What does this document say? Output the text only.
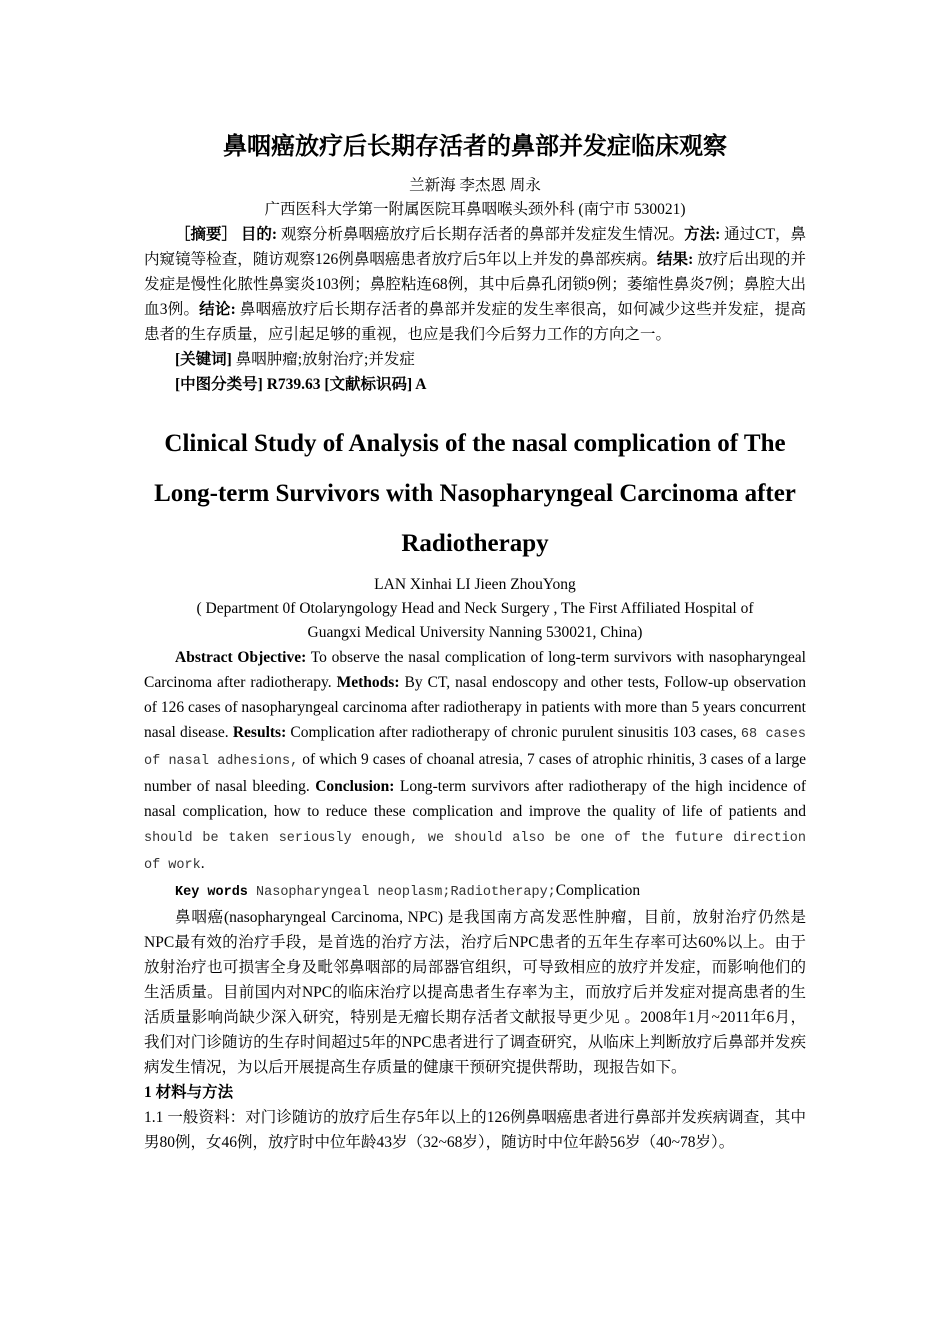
鼻咽癌放疗后长期存活者的鼻部并发症临床观察

兰新海 李杰恩 周永

广西医科大学第一附属医院耳鼻咽喉头颈外科 (南宁市 530021)

［摘要］ 目的: 观察分析鼻咽癌放疗后长期存活者的鼻部并发症发生情况。方法: 通过CT，鼻内窥镜等检查，随访观察126例鼻咽癌患者放疗后5年以上并发的鼻部疾病。结果: 放疗后出现的并发症是慢性化脓性鼻窦炎103例；鼻腔粘连68例，其中后鼻孔闭锁9例；萎缩性鼻炎7例；鼻腔大出血3例。结论: 鼻咽癌放疗后长期存活者的鼻部并发症的发生率很高，如何减少这些并发症，提高患者的生存质量，应引起足够的重视，也应是我们今后努力工作的方向之一。

[关键词] 鼻咽肿瘤;放射治疗;并发症

[中图分类号] R739.63 [文献标识码] A

Clinical Study of Analysis of the nasal complication of The Long-term Survivors with Nasopharyngeal Carcinoma after Radiotherapy

LAN Xinhai LI Jieen ZhouYong

( Department 0f Otolaryngology Head and Neck Surgery , The First Affiliated Hospital of

Guangxi Medical University Nanning 530021, China)

Abstract Objective: To observe the nasal complication of long-term survivors with nasopharyngeal Carcinoma after radiotherapy. Methods: By CT, nasal endoscopy and other tests, Follow-up observation of 126 cases of nasopharyngeal carcinoma after radiotherapy in patients with more than 5 years concurrent nasal disease. Results: Complication after radiotherapy of chronic purulent sinusitis 103 cases, 68 cases of nasal adhesions, of which 9 cases of choanal atresia, 7 cases of atrophic rhinitis, 3 cases of a large number of nasal bleeding. Conclusion: Long-term survivors after radiotherapy of the high incidence of nasal complication, how to reduce these complication and improve the quality of life of patients and should be taken seriously enough, we should also be one of the future direction of work.

Key words Nasopharyngeal neoplasm;Radiotherapy;Complication

鼻咽癌(nasopharyngeal Carcinoma, NPC) 是我国南方高发恶性肿瘤，目前，放射治疗仍然是NPC最有效的治疗手段，是首选的治疗方法，治疗后NPC患者的五年生存率可达60%以上。由于放射治疗也可损害全身及毗邻鼻咽部的局部器官组织，可导致相应的放疗并发症，而影响他们的生活质量。目前国内对NPC的临床治疗以提高患者生存率为主，而放疗后并发症对提高患者的生活质量影响尚缺少深入研究，特别是无瘤长期存活者文献报导更少见 。2008年1月~2011年6月，我们对门诊随访的生存时间超过5年的NPC患者进行了调查研究，从临床上判断放疗后鼻部并发疾病发生情况，为以后开展提高生存质量的健康干预研究提供帮助，现报告如下。

1 材料与方法

1.1 一般资料：对门诊随访的放疗后生存5年以上的126例鼻咽癌患者进行鼻部并发疾病调查，其中男80例，女46例，放疗时中位年龄43岁（32~68岁），随访时中位年龄56岁（40~78岁）。
